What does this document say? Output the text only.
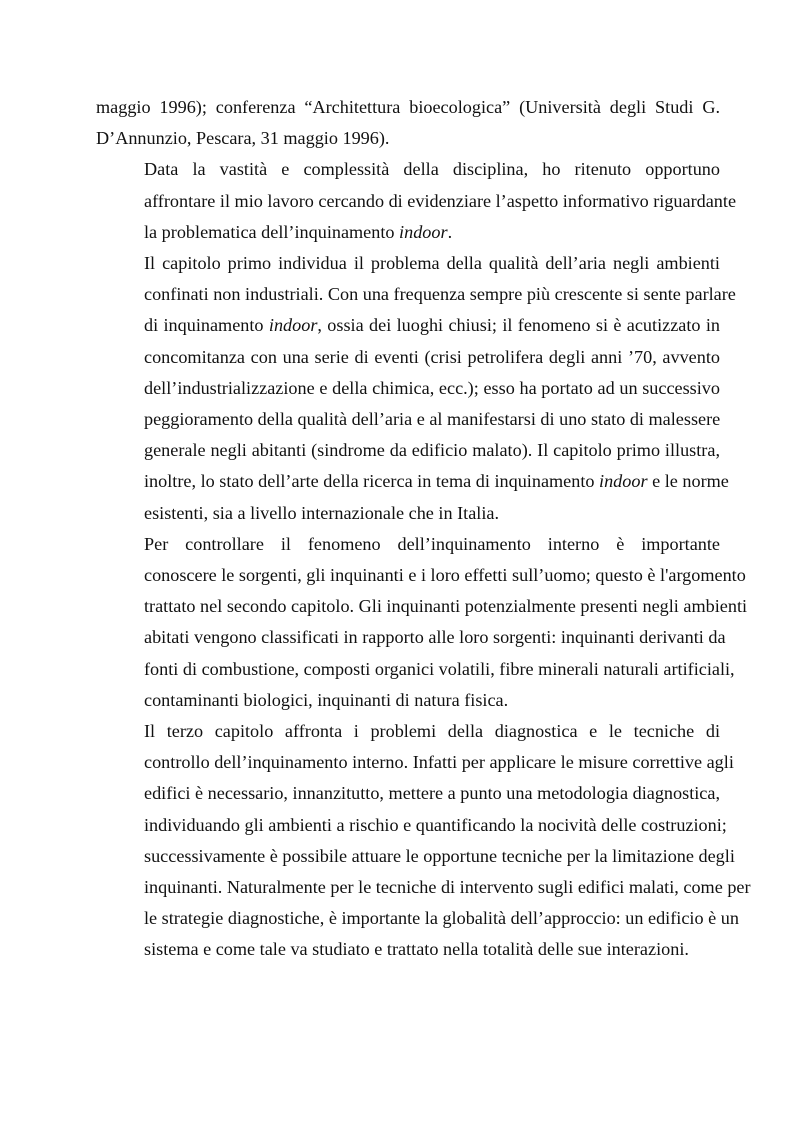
maggio 1996); conferenza “Architettura bioecologica” (Università degli Studi G.
D’Annunzio, Pescara, 31 maggio 1996).

Data la vastità e complessità della disciplina, ho ritenuto opportuno
affrontare il mio lavoro cercando di evidenziare l’aspetto informativo riguardante
la problematica dell’inquinamento indoor.

Il capitolo primo individua il problema della qualità dell’aria negli ambienti
confinati non industriali. Con una frequenza sempre più crescente si sente parlare
di inquinamento indoor, ossia dei luoghi chiusi; il fenomeno si è acutizzato in
concomitanza con una serie di eventi (crisi petrolifera degli anni ’70, avvento
dell’industrializzazione e della chimica, ecc.); esso ha portato ad un successivo
peggioramento della qualità dell’aria e al manifestarsi di uno stato di malessere
generale negli abitanti (sindrome da edificio malato). Il capitolo primo illustra,
inoltre, lo stato dell’arte della ricerca in tema di inquinamento indoor e le norme
esistenti, sia a livello internazionale che in Italia.

Per controllare il fenomeno dell’inquinamento interno è importante
conoscere le sorgenti, gli inquinanti e i loro effetti sull’uomo; questo è l'argomento
trattato nel secondo capitolo. Gli inquinanti potenzialmente presenti negli ambienti
abitati vengono classificati in rapporto alle loro sorgenti: inquinanti derivanti da
fonti di combustione, composti organici volatili, fibre minerali naturali artificiali,
contaminanti biologici, inquinanti di natura fisica.

Il terzo capitolo affronta i problemi della diagnostica e le tecniche di
controllo dell’inquinamento interno. Infatti per applicare le misure correttive agli
edifici è necessario, innanzitutto, mettere a punto una metodologia diagnostica,
individuando gli ambienti a rischio e quantificando la nocività delle costruzioni;
successivamente è possibile attuare le opportune tecniche per la limitazione degli
inquinanti. Naturalmente per le tecniche di intervento sugli edifici malati, come per
le strategie diagnostiche, è importante la globalità dell’approccio: un edificio è un
sistema e come tale va studiato e trattato nella totalità delle sue interazioni.
